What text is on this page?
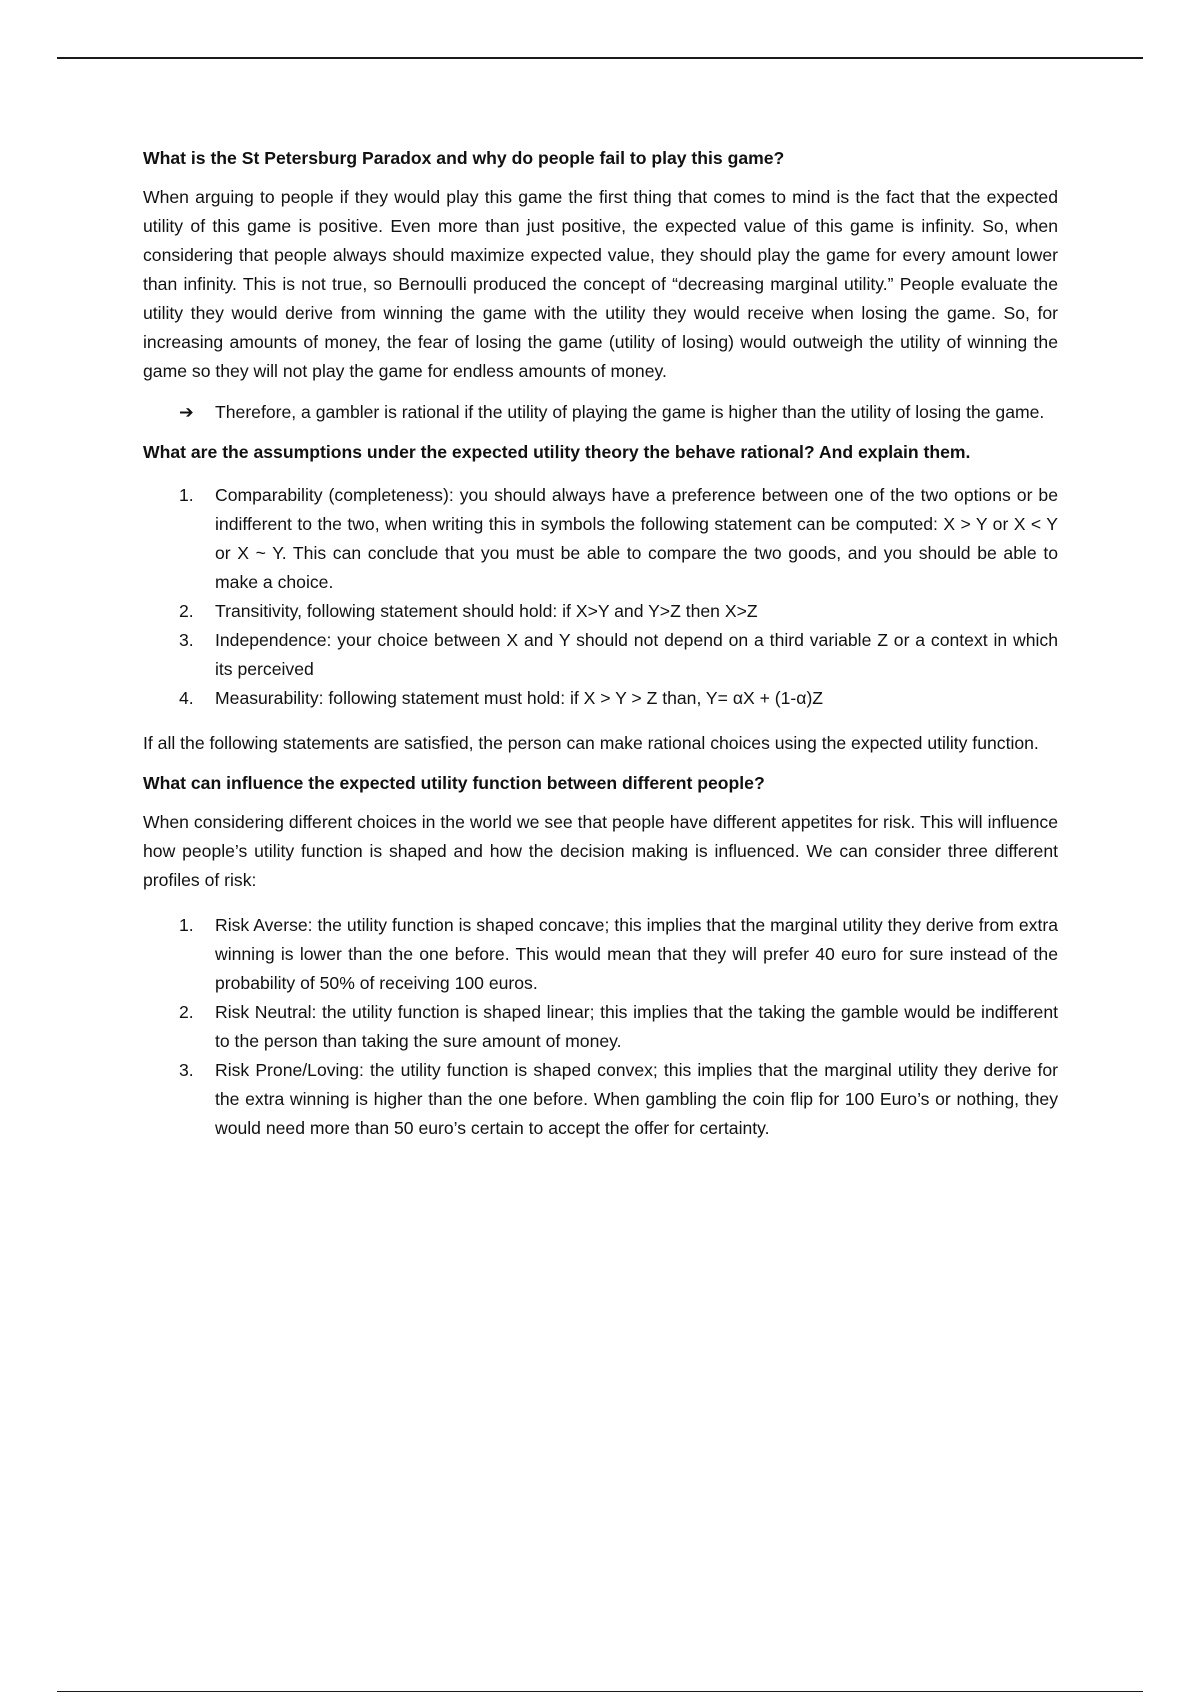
What is the St Petersburg Paradox and why do people fail to play this game?

When arguing to people if they would play this game the first thing that comes to mind is the fact that the expected utility of this game is positive. Even more than just positive, the expected value of this game is infinity. So, when considering that people always should maximize expected value, they should play the game for every amount lower than infinity. This is not true, so Bernoulli produced the concept of “decreasing marginal utility.” People evaluate the utility they would derive from winning the game with the utility they would receive when losing the game. So, for increasing amounts of money, the fear of losing the game (utility of losing) would outweigh the utility of winning the game so they will not play the game for endless amounts of money.

➔	Therefore, a gambler is rational if the utility of playing the game is higher than the utility of losing the game.
What are the assumptions under the expected utility theory the behave rational? And explain them.
1.	Comparability (completeness): you should always have a preference between one of the two options or be indifferent to the two, when writing this in symbols the following statement can be computed: X > Y or X < Y or X ~ Y. This can conclude that you must be able to compare the two goods, and you should be able to make a choice.
2.	Transitivity, following statement should hold: if X>Y and Y>Z then X>Z
3.	Independence: your choice between X and Y should not depend on a third variable Z or a context in which its perceived
4.	Measurability: following statement must hold: if X > Y > Z than, Y= αX + (1-α)Z

If all the following statements are satisfied, the person can make rational choices using the expected utility function.

What can influence the expected utility function between different people?

When considering different choices in the world we see that people have different appetites for risk. This will influence how people’s utility function is shaped and how the decision making is influenced. We can consider three different profiles of risk:

1.	Risk Averse: the utility function is shaped concave; this implies that the marginal utility they derive from extra winning is lower than the one before. This would mean that they will prefer 40 euro for sure instead of the probability of 50% of receiving 100 euros.
2.	Risk Neutral: the utility function is shaped linear; this implies that the taking the gamble would be indifferent to the person than taking the sure amount of money.
3.	Risk Prone/Loving: the utility function is shaped convex; this implies that the marginal utility they derive for the extra winning is higher than the one before. When gambling the coin flip for 100 Euro’s or nothing, they would need more than 50 euro’s certain to accept the offer for certainty.
